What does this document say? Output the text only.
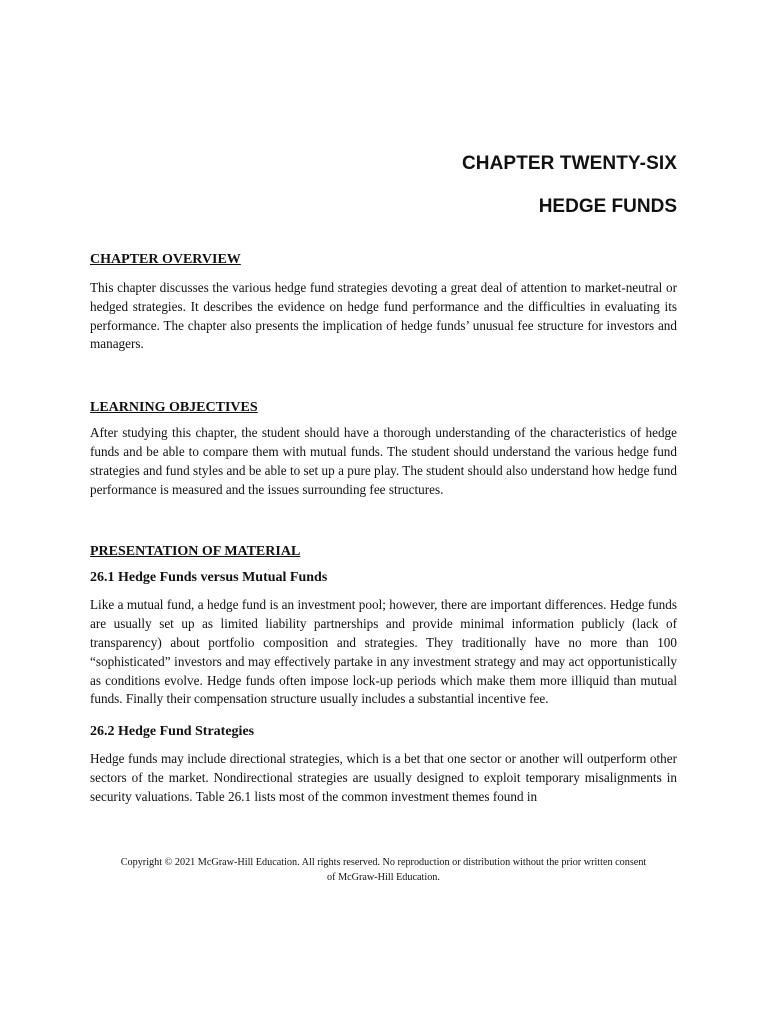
CHAPTER TWENTY-SIX
HEDGE FUNDS
CHAPTER OVERVIEW

This chapter discusses the various hedge fund strategies devoting a great deal of attention to market-neutral or hedged strategies. It describes the evidence on hedge fund performance and the difficulties in evaluating its performance. The chapter also presents the implication of hedge funds’ unusual fee structure for investors and managers.

LEARNING OBJECTIVES

After studying this chapter, the student should have a thorough understanding of the characteristics of hedge funds and be able to compare them with mutual funds. The student should understand the various hedge fund strategies and fund styles and be able to set up a pure play. The student should also understand how hedge fund performance is measured and the issues surrounding fee structures.

PRESENTATION OF MATERIAL
26.1 Hedge Funds versus Mutual Funds

Like a mutual fund, a hedge fund is an investment pool; however, there are important differences. Hedge funds are usually set up as limited liability partnerships and provide minimal information publicly (lack of transparency) about portfolio composition and strategies. They traditionally have no more than 100 “sophisticated” investors and may effectively partake in any investment strategy and may act opportunistically as conditions evolve. Hedge funds often impose lock-up periods which make them more illiquid than mutual funds. Finally their compensation structure usually includes a substantial incentive fee.

26.2 Hedge Fund Strategies

Hedge funds may include directional strategies, which is a bet that one sector or another will outperform other sectors of the market. Nondirectional strategies are usually designed to exploit temporary misalignments in security valuations. Table 26.1 lists most of the common investment themes found in

Copyright © 2021 McGraw-Hill Education. All rights reserved. No reproduction or distribution without the prior written consent
of McGraw-Hill Education.
